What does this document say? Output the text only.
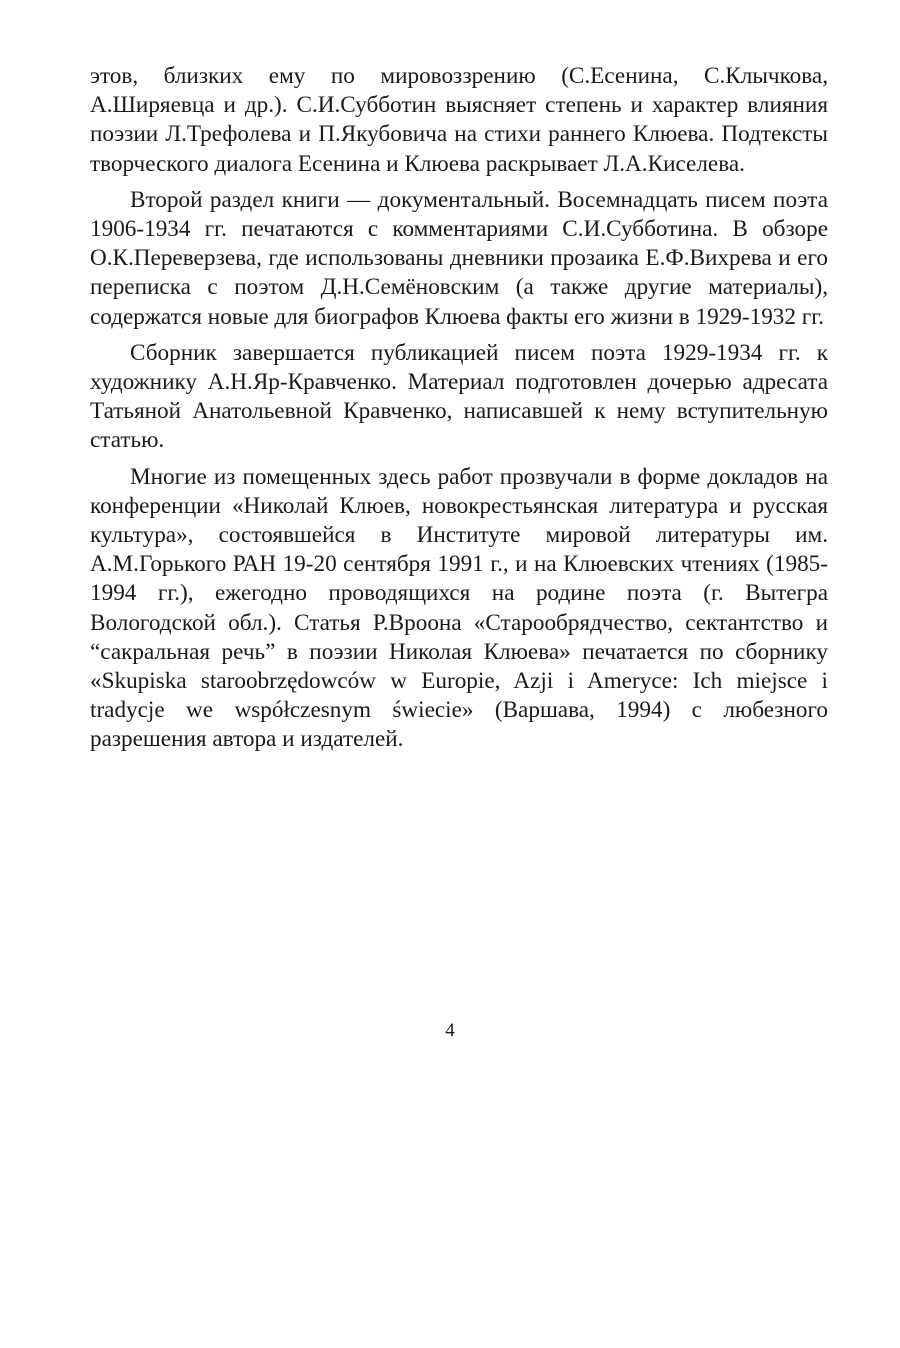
этов, близких ему по мировоззрению (С.Есенина, С.Клычкова, А.Ширяевца и др.). С.И.Субботин выясняет степень и характер влияния поэзии Л.Трефолева и П.Якубовича на стихи раннего Клюева. Подтексты творческого диалога Есенина и Клюева раскрывает Л.А.Киселева.

Второй раздел книги — документальный. Восемнадцать писем поэта 1906-1934 гг. печатаются с комментариями С.И.Субботина. В обзоре О.К.Переверзева, где использованы дневники прозаика Е.Ф.Вихрева и его переписка с поэтом Д.Н.Семёновским (а также другие материалы), содержатся новые для биографов Клюева факты его жизни в 1929-1932 гг.

Сборник завершается публикацией писем поэта 1929-1934 гг. к художнику А.Н.Яр-Кравченко. Материал подготовлен дочерью адресата Татьяной Анатольевной Кравченко, написавшей к нему вступительную статью.

Многие из помещенных здесь работ прозвучали в форме докладов на конференции «Николай Клюев, новокрестьянская литература и русская культура», состоявшейся в Институте мировой литературы им. А.М.Горького РАН 19-20 сентября 1991 г., и на Клюевских чтениях (1985-1994 гг.), ежегодно проводящихся на родине поэта (г. Вытегра Вологодской обл.). Статья Р.Вроона «Старообрядчество, сектантство и “сакральная речь” в поэзии Николая Клюева» печатается по сборнику «Skupiska staroobrzędowców w Europie, Azji i Ameryce: Ich miejsce i tradycje we współczesnym świecie» (Варшава, 1994) с любезного разрешения автора и издателей.

4
